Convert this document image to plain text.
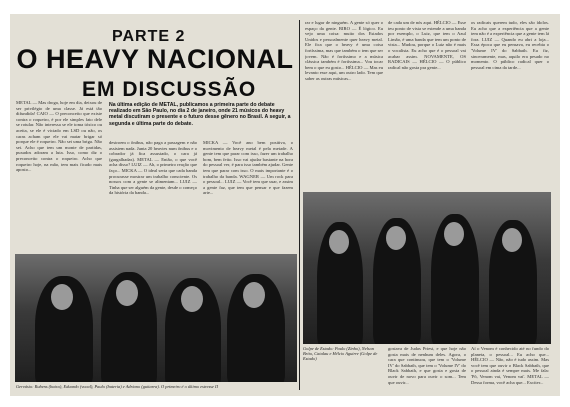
PARTE 2
O HEAVY NACIONAL
EM DISCUSSÃO

METAL — Mas droga, hoje em dia, deixou de ser privilégio de uma classe. Já está tão difundida! CAIO — O preconceito que existe contra o roqueiro, é por ele simples fato dele se rotular. Não interessa se ele toma tóxico ou aceita, se ele é viciado em LSD ou não, os caras acham que ele vai matar brigar só porque ele é roqueiro. Não sei uma briga. Não sei. Acho que tem um monte de partidas, puxados adoram a luta. Isso, como diz o preconceito contra o roqueiro. Acho que roqueiro hoje, na mão, tem mais ficado mais aposto...

Na última edição de METAL, publicamos a primeira parte do debate realizado em São Paulo, no dia 2 de janeiro, onde 21 músicos do heavy metal discutiram o presente e o futuro desse gênero no Brasil. A seguir, a segunda e última parte do debate.

destroem o ônibus, não paga a passagem e não assistem nada. Junta 20 heavies num ônibus e o cobrador já fica assustado, o cara já (gargalhadas). METAL — Então, o que você acha disso? LUIZ — Ah, o primeiro reação que faço... MICKA — O ideal seria que cada banda procurasse mostrar um trabalho consciente. Os nossos com a gente se alimentam... LUIZ — Tinha que ser alguém da gente, desde o começo da história da banda...

MICKA — Você ano bem positiva, o movimento de heavy metal é pela metade. A gente tem que parar com isso, fazer um trabalho bom, bem feito. Isso vai ajudar bastante na hora do pessoal ver, é para isso também ajudar. Gente tem que parar com isso. O mais importante é o trabalho da banda. WAGNER — Um rock para o pessoal... LUIZ — Você tem que usar, e assim a gente faz, que tem que pensar e que fazem arte...

rar e lugar de ninguém. A gente só quer o espaço da gente. BIRO — É lógico. Eu vejo uma coisa: muito dos Estados Unidos e pessoalmente quer heavy metal. Ele fica que o heavy é uma coisa fortíssima, mas que também o tem que ser jovem. Não é fortíssimo e a música clássica também é fortíssima... Vou tocar bem o que eu gosto... HÉLCIO — Mas eu levanto esse aqui, um outro lado. Tem que saber as outras músicas...

de cada um de nós aqui. HÉLCIO — Esse teu ponto de vista se estende a uma banda por exemplo, o Luiz, que tem o Azul Limão, é uma banda que tem um ponto de vista... Mudou, porque o Luiz não é mais o vocalista. Eu acho que é o pessoal vai acabar assim. NOVAMENTE, OS RADICAIS — HÉLCIO — O público radical não gosta pra gente...

os radicais querem tudo, eles são ídolos. Eu acho que a experiência que a gente tem não é a experiência que a gente tem lá fora. LUIZ — Quando eu abri a loja... Essa época que eu pensava, eu recebia o 'Volume IV' do Sabbath. Eu fiz, sinceramente, mas, aquilo era pesado no momento. O público radical quer o pessoal em cima da tarde...

Gervásio: Rubens (baixo), Eduardo (vocal), Paulo (bateria) e Adriano (guitarra). O primeiro é o último estresse II
Golpe de Estado: Paulo (Zinho), Nelson Brito, Catalau e Hélcio Aguirre (Golpe de Estado)

gostava de Judas Priest, e que hoje não gosta mais de nenhum deles. Agora, o cara que continuou, que tem o 'Volume IV' do Sabbath, que tem o 'Volume IV' do Black Sabbath, e que gosta e gosta de ouvir de novo para ouvir o som... Tem que ouvir...

Aí o Venom é conhecido até no fundo do planeta, o pessoal... Eu acho que... HÉLCIO — Não, não é tudo assim. Mas você tem que ouvir o Black Sabbath, que o pessoal ainda é sempre mais. Me fala: 'Pô, Venom vai, Venom vai'. METAL — Dessa forma, você acha que... Exciter...
